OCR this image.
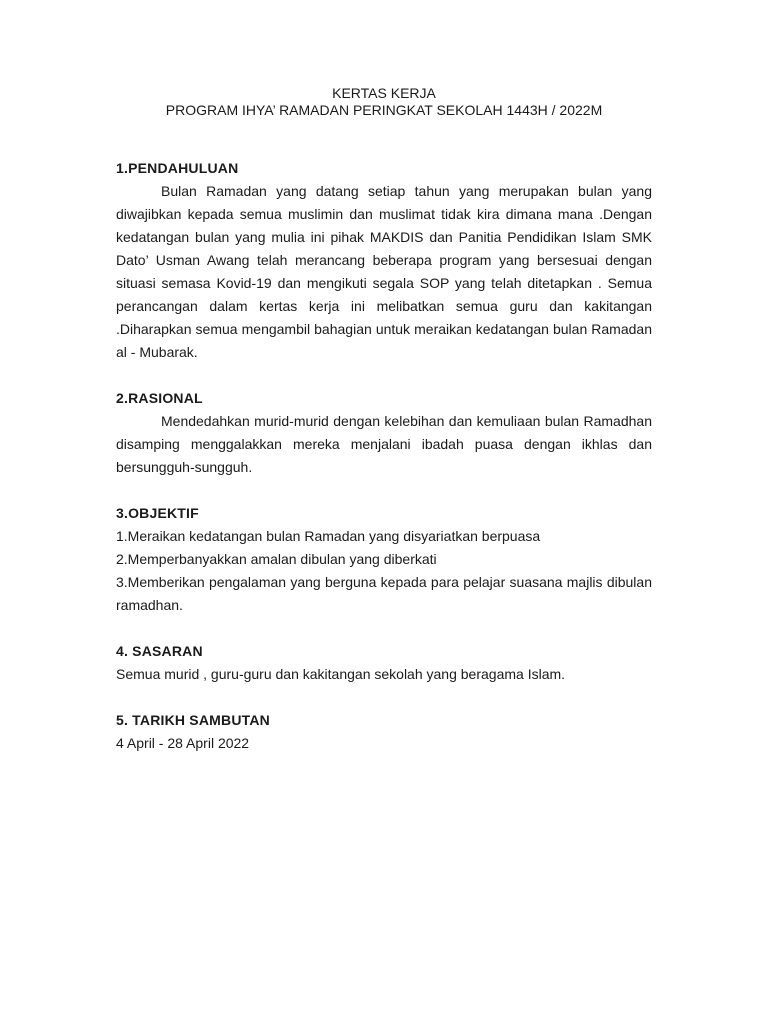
KERTAS KERJA
PROGRAM IHYA’ RAMADAN PERINGKAT SEKOLAH 1443H / 2022M
1.PENDAHULUAN

Bulan Ramadan yang datang setiap tahun yang merupakan bulan yang diwajibkan kepada semua muslimin dan muslimat tidak kira dimana mana .Dengan kedatangan bulan yang mulia ini pihak MAKDIS dan Panitia Pendidikan Islam SMK Dato’ Usman Awang telah merancang beberapa program yang bersesuai dengan situasi semasa Kovid-19 dan mengikuti segala SOP yang telah ditetapkan . Semua perancangan dalam kertas kerja ini melibatkan semua guru dan kakitangan .Diharapkan semua mengambil bahagian untuk meraikan kedatangan bulan Ramadan al - Mubarak.

2.RASIONAL

Mendedahkan murid-murid dengan kelebihan dan kemuliaan bulan Ramadhan disamping menggalakkan mereka menjalani ibadah puasa dengan ikhlas dan bersungguh-sungguh.

3.OBJEKTIF
1.Meraikan kedatangan bulan Ramadan yang disyariatkan berpuasa
2.Memperbanyakkan amalan dibulan yang diberkati
3.Memberikan pengalaman yang berguna kepada para pelajar suasana majlis dibulan ramadhan.
4. SASARAN

Semua murid , guru-guru dan kakitangan sekolah yang beragama Islam.

5. TARIKH SAMBUTAN

4 April - 28 April 2022
